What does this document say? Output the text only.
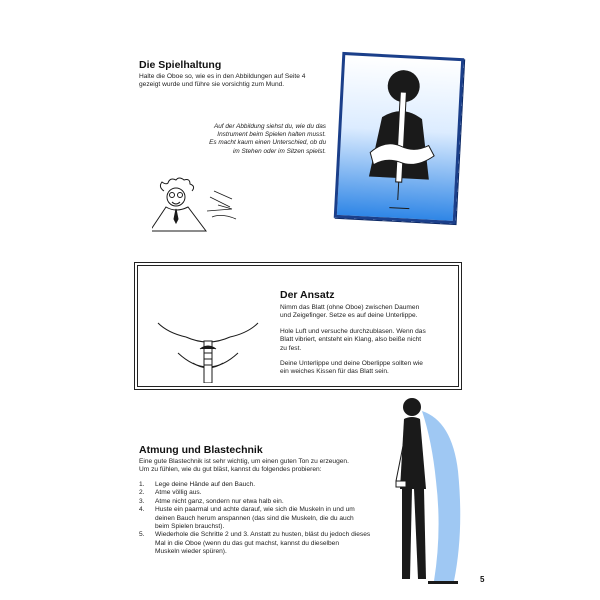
Die Spielhaltung
Halte die Oboe so, wie es in den Abbildungen auf Seite 4
gezeigt wurde und führe sie vorsichtig zum Mund.
Auf der Abbildung siehst du, wie du das
Instrument beim Spielen halten musst.
Es macht kaum einen Unterschied, ob du
im Stehen oder im Sitzen spielst.
Der Ansatz
Nimm das Blatt (ohne Oboe) zwischen Daumen
und Zeigefinger. Setze es auf deine Unterlippe.
Hole Luft und versuche durchzublasen. Wenn das
Blatt vibriert, entsteht ein Klang, also beiße nicht
zu fest.
Deine Unterlippe und deine Oberlippe sollten wie
ein weiches Kissen für das Blatt sein.
Atmung und Blastechnik
Eine gute Blastechnik ist sehr wichtig, um einen guten Ton zu erzeugen.
Um zu fühlen, wie du gut bläst, kannst du folgendes probieren:
1.	Lege deine Hände auf den Bauch.
2.	Atme völlig aus.
3.	Atme nicht ganz, sondern nur etwa halb ein.
4.	Huste ein paarmal und achte darauf, wie sich die Muskeln in und um
deinen Bauch herum anspannen (das sind die Muskeln, die du auch
beim Spielen brauchst).
5.	Wiederhole die Schritte 2 und 3. Anstatt zu husten, bläst du jedoch dieses
Mal in die Oboe (wenn du das gut machst, kannst du dieselben
Muskeln wieder spüren).
5
